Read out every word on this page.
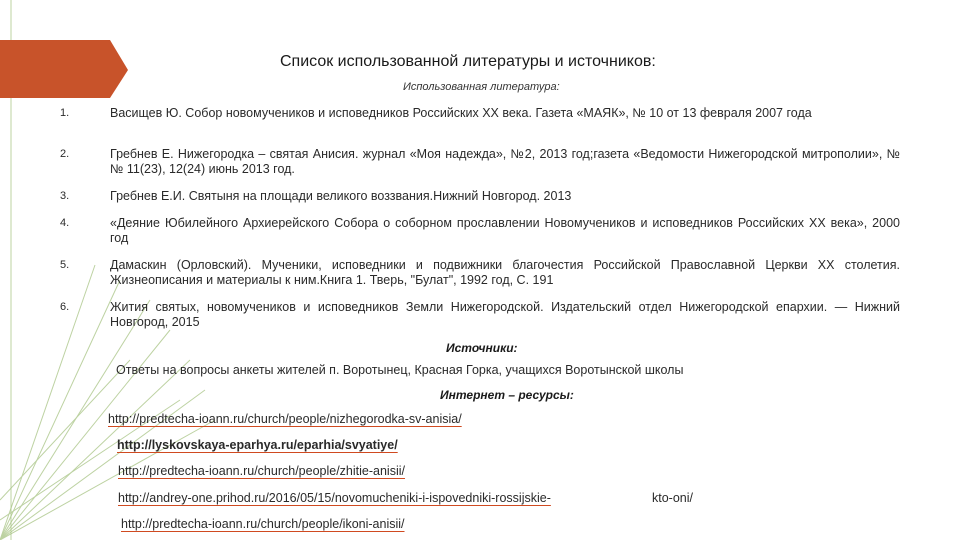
Список использованной литературы и источников:
Использованная литература:
1.	Васищев Ю. Собор новомучеников и исповедников Российских XX века. Газета «МАЯК», № 10 от 13 февраля 2007 года
2.	Гребнев Е. Нижегородка – святая Анисия. журнал «Моя надежда», №2, 2013 год;газета «Ведомости Нижегородской митрополии», №№ 11(23), 12(24) июнь 2013 год.
3.	Гребнев Е.И. Святыня на площади великого воззвания.Нижний Новгород. 2013
4.	«Деяние Юбилейного Архиерейского Собора о соборном прославлении Новомучеников и исповедников Российских XX века», 2000 год
5.	Дамаскин (Орловский). Мученики, исповедники и подвижники благочестия Российской Православной Церкви XX столетия. Жизнеописания и материалы к ним.Книга 1. Тверь, "Булат", 1992 год, С. 191
6.	Жития святых, новомучеников и исповедников Земли Нижегородской. Издательский отдел Нижегородской епархии. — Нижний Новгород, 2015
Источники:
Ответы на вопросы анкеты жителей п. Воротынец, Красная Горка, учащихся Воротынской школы
Интернет – ресурсы:
http://predtecha-ioann.ru/church/people/nizhegorodka-sv-anisia/
http://lyskovskaya-eparhya.ru/eparhia/svyatiye/
http://predtecha-ioann.ru/church/people/zhitie-anisii/
http://andrey-one.prihod.ru/2016/05/15/novomucheniki-i-ispovedniki-rossijskie-	kto-oni/
http://predtecha-ioann.ru/church/people/ikoni-anisii/
